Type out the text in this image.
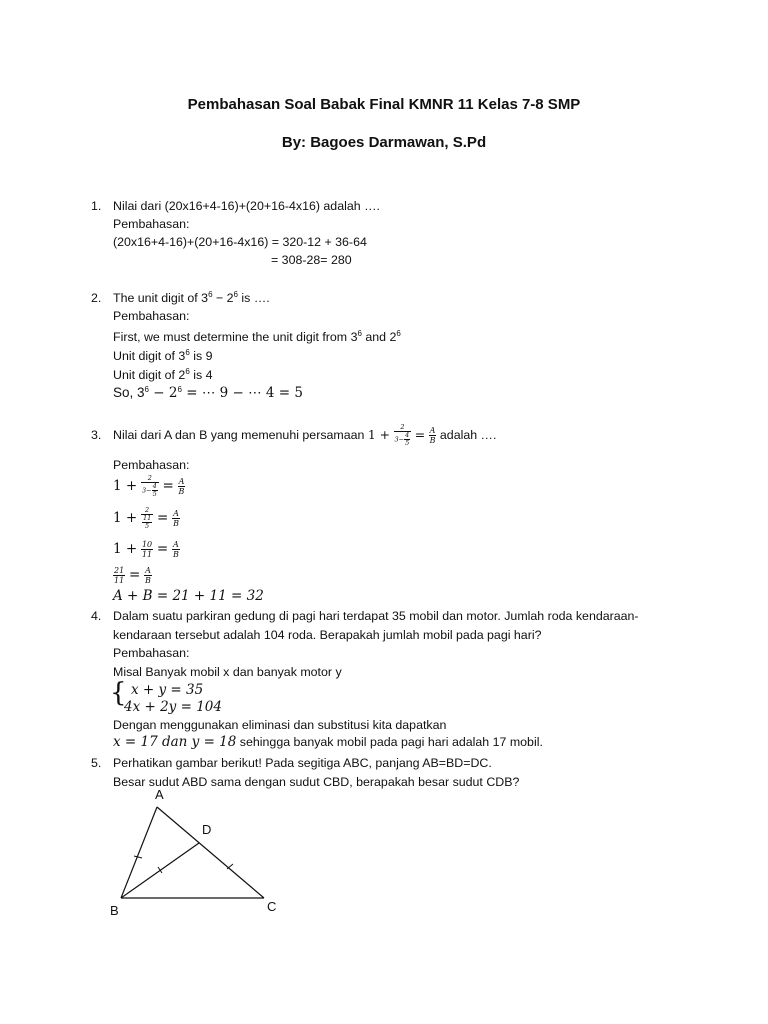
Pembahasan Soal Babak Final KMNR 11 Kelas 7-8 SMP
By: Bagoes Darmawan, S.Pd
1. Nilai dari (20x16+4-16)+(20+16-4x16) adalah ….
Pembahasan:
(20x16+4-16)+(20+16-4x16) = 320-12 + 36-64
= 308-28= 280
2. The unit digit of $3^6 - 2^6$ is ….
Pembahasan:
First, we must determine the unit digit from $3^6$ and $2^6$
Unit digit of $3^6$ is 9
Unit digit of $2^6$ is 4
So, $3^6 - 2^6$ = ⋯ 9 − ⋯ 4 = 5
3. Nilai dari A dan B yang memenuhi persamaan $1 + \frac{2}{3- \frac{4}{5}} = \frac{A}{B}$ adalah ….
Pembahasan:
$1 + \frac{2}{3- \frac{4}{5}} = \frac{A}{B}$
$1 + \frac{2}{\frac{11}{5}} = \frac{A}{B}$
$1 + \frac{10}{11} = \frac{A}{B}$
$\frac{21}{11} = \frac{A}{B}$
A + B = 21 + 11 = 32
4. Dalam suatu parkiran gedung di pagi hari terdapat 35 mobil dan motor. Jumlah roda kendaraan-
kendaraan tersebut adalah 104 roda. Berapakah jumlah mobil pada pagi hari?
Pembahasan:
Misal Banyak mobil x dan banyak motor y
{ x + y = 35
4x + 2y = 104
Dengan menggunakan eliminasi dan substitusi kita dapatkan
x = 17 dan y = 18 sehingga banyak mobil pada pagi hari adalah 17 mobil.
5. Perhatikan gambar berikut! Pada segitiga ABC, panjang AB=BD=DC.
Besar sudut ABD sama dengan sudut CBD, berapakah besar sudut CDB?
A
D
B	C
